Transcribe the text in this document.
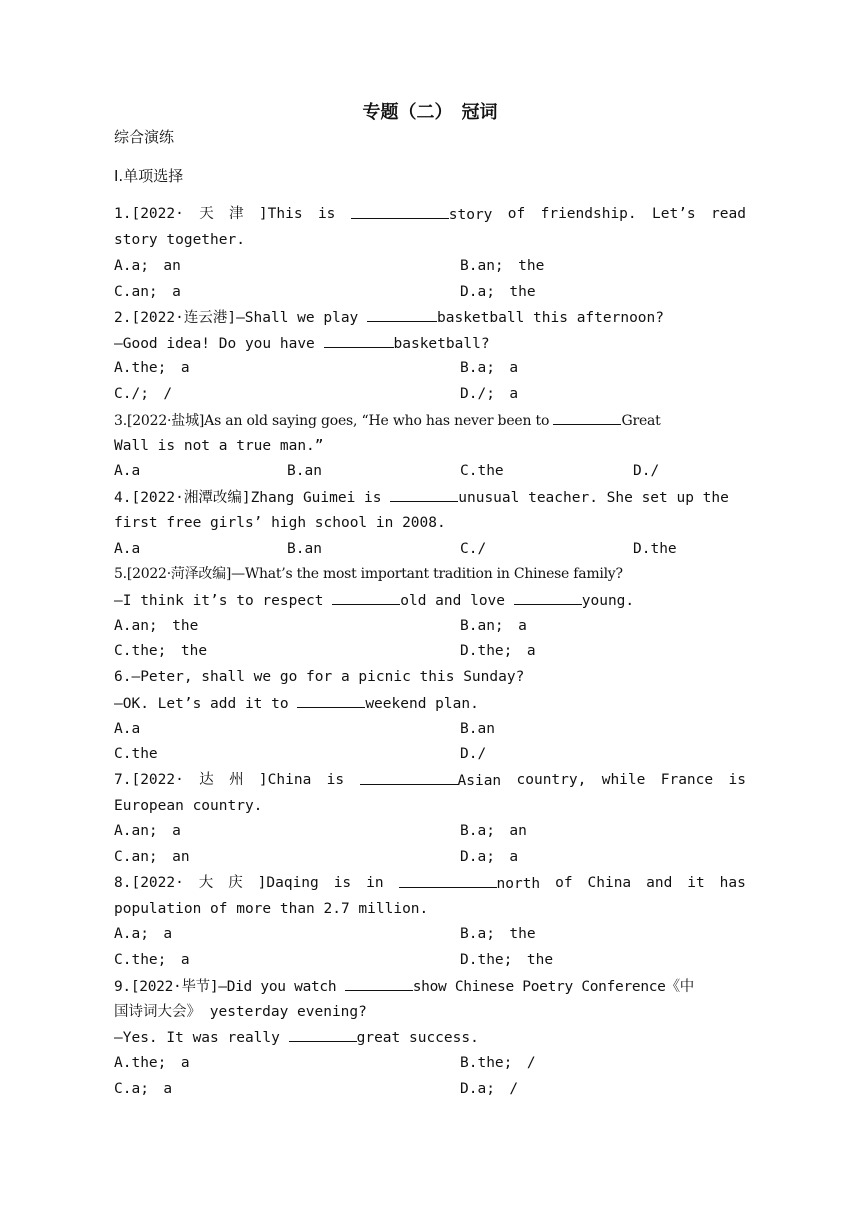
专题（二）　冠词
综合演练
Ⅰ.单项选择
1.[2022· 天 津 ]This is	story of friendship. Let’s read
story together.
A.a;　an	B.an;　the
C.an;　a	D.a;　the
2.[2022·连云港]—Shall we play	basketball this afternoon?
—Good idea! Do you have	basketball?
A.the;　a	B.a;　a
C./;　/	D./;　a
3.[2022·盐城]As an old saying goes, “He who has never been to	Great
Wall is not a true man.”
A.a	B.an	C.the	D./
4.[2022·湘潭改编]Zhang Guimei is	unusual teacher. She set up the
first free girls’ high school in 2008.
A.a	B.an	C./	D.the
5.[2022·菏泽改编]—What’s the most important tradition in Chinese family?
—I think it’s to respect	old and love	young.
A.an;　the	B.an;　a
C.the;　the	D.the;　a
6.—Peter, shall we go for a picnic this Sunday?
—OK. Let’s add it to	weekend plan.
A.a	B.an
C.the	D./
7.[2022· 达 州 ]China is	Asian country, while France is
European country.
A.an;　a	B.a;　an
C.an;　an	D.a;　a
8.[2022· 大 庆 ]Daqing is in	north of China and it has
population of more than 2.7 million.
A.a;　a	B.a;　the
C.the;　a	D.the;　the
9.[2022·毕节]—Did you watch	show Chinese Poetry Conference《中
国诗词大会》 yesterday evening?
—Yes. It was really	great success.
A.the;　a	B.the;　/
C.a;　a	D.a;　/
